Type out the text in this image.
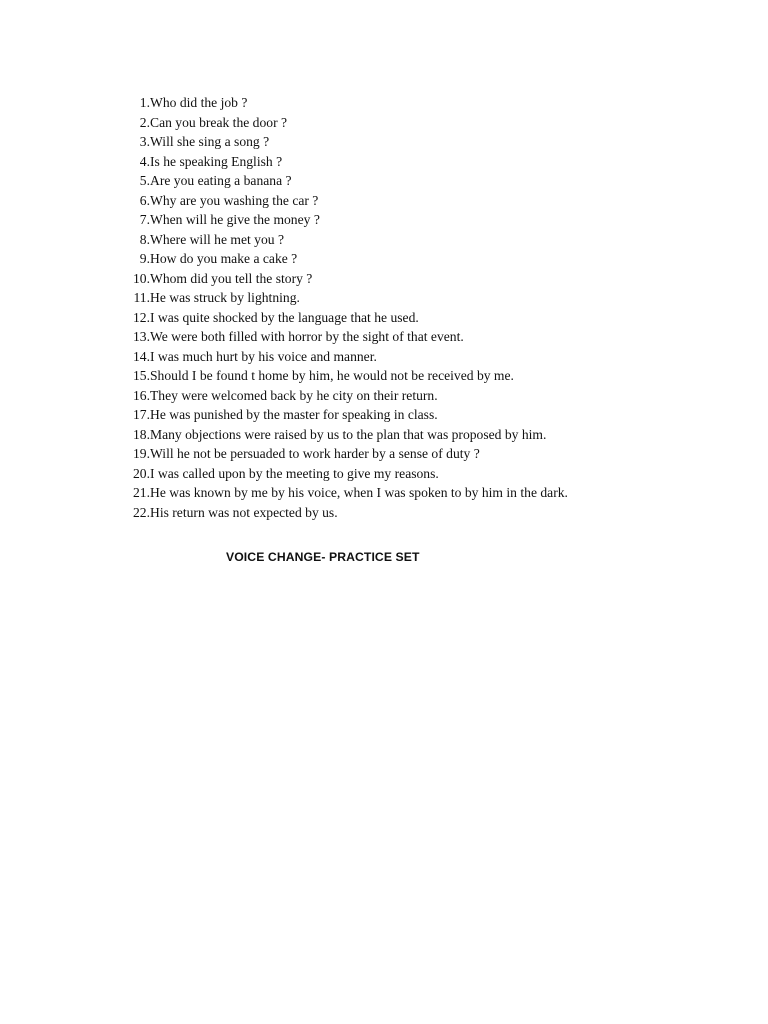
1. Who did the job ?
2. Can you break the door ?
3. Will she sing a song ?
4. Is he speaking English ?
5. Are you eating a banana ?
6. Why are you washing the car ?
7. When will he give the money ?
8. Where will he met you ?
9. How do you make a cake ?
10. Whom did you tell the story ?
11. He was struck by lightning.
12. I was quite shocked by the language that he used.
13. We were both filled with horror by the sight of that event.
14. I was much hurt by his voice and manner.
15. Should I be found t home by him, he would not be received by me.
16. They were welcomed back by he city on their return.
17. He was punished by the master for speaking in class.
18. Many objections were raised by us to the plan that was proposed by him.
19. Will he not be persuaded to work harder by a sense of duty ?
20. I was called upon by the meeting to give my reasons.
21. He was known by me by his voice, when I was spoken to by him in the dark.
22. His return was not expected by us.
VOICE CHANGE- PRACTICE SET
